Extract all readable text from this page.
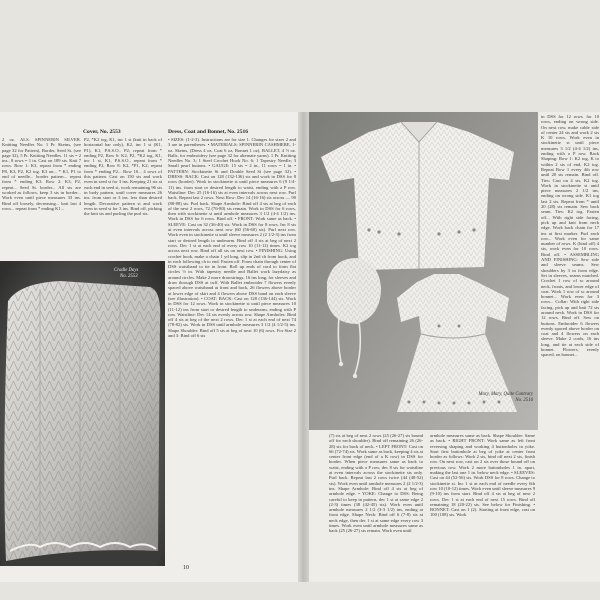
Cover, No. 2553
2 oz. ALS. SPINNERIN SILVER. Knitting Needles No. 1 Pr. Skeins, (see page 32 for Pattern), Border, Seed St. (see page 32), 5 Pr. Knitting Needles. 11 sts = 2 ins., 8 rows = 1 in. Cast on 189 sts. Knit 7 rows. Row 1: K3, repeat from * ending P8, K3, P2, K2 tog. K3 on... * K1, P1 to end of needle... border pattern... repeat from * ending K3. Row 2: K3, P2, repeat... Seed St. border... All sts are worked as follows, keep 3 sts in border... Work even until piece measures 33 ins. Bind off loosely, decreasing... knit last 4 rows... repeat from * ending K1...
P2, *K2 tog, K1, inc 1 st (knit in back of horizontal bar only), K2, inc 1 st (K1, P1), K1, P.S.S.O., P2; repeat from * ending P2, Row 6: K2, P2, *K2 tog, K1, inc 1 st, K1, P.S.S.O., repeat from * ending P2, Row 8: K2, *P1, K2; repeat from * ending P2... Row 10... 4 rows of this pattern. Cast on 150 sts and work even in seed st for 3 ins. Keeping 21 sts at each end in seed st, work remaining 96 sts in body pattern, until cover measures 26 ins. from start or 3 ins. less than desired length. Decorative pattern st and work even in seed st for 3 ins. Bind off, picking the knit sts and purling the purl sts.
Dress, Coat and Bonnet, No. 2516
• SIZES: (1-2-3). Instructions are for size 1. Changes for sizes 2 and 3 are in parentheses. • MATERIALS: SPINNERIN CASHMERE, 1-oz. Skeins, (Dress 4 oz, Coat 6 oz, Bonnet 1 oz), BALLET, 4 ½ oz. Balls, for embroidery (see page 32 for alternate yarns). 1 Pr. Knitting Needles No. 3; 1 Steel Crochet Hook No. 6; 1 Tapestry Needle; 3 Small pearl buttons. • GAUGE: 15 sts = 2 in., 11 rows = 1 in. • PATTERN: Stockinette St and Double Seed St (see page 32). • DRESS: BACK: Cast on 128 (132-136) sts and work in DSS for 8 rows (border). Work in stockinette st until piece measures 6 (9 1/4-11) ins. from start or desired length to waist, ending with a P row. Waistline: Dec 25 (16-16) sts at even intervals across next row. Purl back. Repeat last 2 rows. Next Row: Dec 14 (16-16) sts across — 90 (88-88) sts. Purl back. Shape Armhole: Bind off 4 sts at beg of each of the next 2 rows, 72 (76-80) sts remain. Work in DSS for 6 rows, then with stockinette st until armhole measures 3 1/2 (4-4 1/2) ins. Work in DSS for 6 rows. Bind off. • FRONT: Work same as back. • SLEEVE: Cast on 32 (36-40) sts. Work in DSS for 8 rows. Inc 8 sts at even intervals across next row (60 (56-60) sts). Purl next row. Work even in stockinette st until sleeve measures 2 (2 1/2-3) ins from start or desired length to underarm. Bind off 4 sts at beg of next 2 rows. Dec 1 st at each end of every row 10 (11-12) times. K2 tog across next row. Bind off all sts on next row. • FINISHING: Using crochet hook, make a chain 1 yd long, slip in 2nd ch from hook, and in each following ch to end. Fasten off. Form chain through center of DSS waistband to tie in front. Roll up ends of cord to form flat circles ½ in. With tapestry needle and Ballet work lazydaisy as around circles. Make 2 more drawstrings, 16 ins long, for sleeves and draw through DSS at cuff. With Ballet embroider 7 flowers evenly spaced above waistband at front and back, 26 flowers above border at lower edge of skirt and 4 flowers above DSS band on each sleeve (see illustration). • COAT: BACK: Cast on 128 (136-144) sts. Work in DSS for 12 rows. Work in stockinette st until piece measures 10 (11-12) ins from start or desired length to underarm, ending with P row. Waistline: Dec 14 sts evenly across row. Shape Armholes: Bind off 4 sts at beg of the next 2 rows. Dec 1 st at each end of next 74 (78-82) sts. Work in DSS until armhole measures 3 1/2 (4 1/2-5) ins. Shape Shoulder: Bind off 5 sts at beg of next 10 (6) rows. For Size 2 and 3: Bind off 6 sts
Cradle Days
No. 2553
10
Mary, Mary, Quite Contrary
No. 2516
in DSS for 12 rows. for 10 rows, ending on wrong side. On next row, make cable side of center 24 sts and work 2 sts K 10 rows. Work even in stockinette st until piece measures 3 1/2 (4-4 1/2) ins, ending with a P row. Back Shaping: Row 1: K2 tog, K to within 2 sts of end, K2 tog. Repeat Row 1 every 4th row until 20 sts remain. Bind off. Ties: Cast on 4 sts, K2 tog. Work in stockinette st until piece measures 2 1/2 ins, ending on wrong side. K1 tog last 2 sts. Repeat from * until 20 (28) sts remain. Sew back seam. Ties: K2 tog. Fasten off... With right side facing, pick up and knit from neck edge. Work back chain for 17 ins at first marker. Purl each row... Work even for same number of rows. K (bind off) 4 sts, work even for 10 rows. Bind off. • ASSEMBLING AND FINISHING: Sew side and sleeve seams. Sew shoulders by 3 in from edge. Set in sleeves, seams matched. Crochet 1 row of sc around neck, fronts, and lower edge of coat. Work 1 row of sc around bonnet... Work even for 3 rows... Collar: With right side facing, pick up and knit 72 sts around neck. Work in DSS for 12 rows. Bind off. Sew on buttons. Embroider 6 flowers evenly spaced above border on coat and 4 flowers on each sleeve. Make 2 cords, 16 ins long, and tie at each side of bonnet. Flowers, evenly spaced, on bonnet...
(7) sts at beg of next 2 rows (25 (26-27) sts bound off for each shoulder). Bind off remaining 26 (26-28) sts for back of neck. • LEFT FRONT: Cast on 66 (72-74) sts. Work same as back, keeping 4 sts at center front edge (end of a K row) in DSS for border. When piece measures same as back to waist, ending with a P row, dec 8 sts for waistline at even intervals across the stockinette sts only. Purl back. Repeat last 2 rows twice (44 (48-52) sts). Work even until armhole measures 2 (2 1/2-3) ins. Shape Armhole: Bind off 4 sts at beg of armhole edge. • YOKE: Change to DSS. Being careful to keep in pattern, dec 1 st at same edge 2 (2-3) times (38 (42-45) sts). Work even until armhole measures 2 1/2 (3-3 1/2) ins, ending at front edge. Shape Neck: Bind off 6 (7-8) sts at neck edge, then dec 1 st at same edge every row 3 times. Work even until armhole measures same as back (25 (26-27) sts remain. Work even until
armhole measures same as back. Shape Shoulder: Same as back. • RIGHT FRONT: Work same as left front reversing shaping and working 4 buttonholes in yoke. Start first buttonhole at beg of yoke at center front border as follows: Work 2 sts, bind off next 2 sts, finish row. On next row, cast on 2 sts over those bound off on previous row. Work 2 more buttonholes 1 in. apart, making the last one 1 in. below neck edge. • SLEEVES: Cast on 44 (52-56) sts. Work DSS for 8 rows. Change to stockinette st. Inc 1 st at each end of needle every 6th row 10 (10-12) times. Work even until sleeve measures 9 (9-10) ins from start. Bind off 4 sts at beg of next 2 rows. Dec 1 st at each end of next 15 rows. Bind off remaining 18 (20-22) sts. See below for Finishing. • BONNET: Cast on 1 (2). Starting at front edge, cast on 100 (108) sts. Work
